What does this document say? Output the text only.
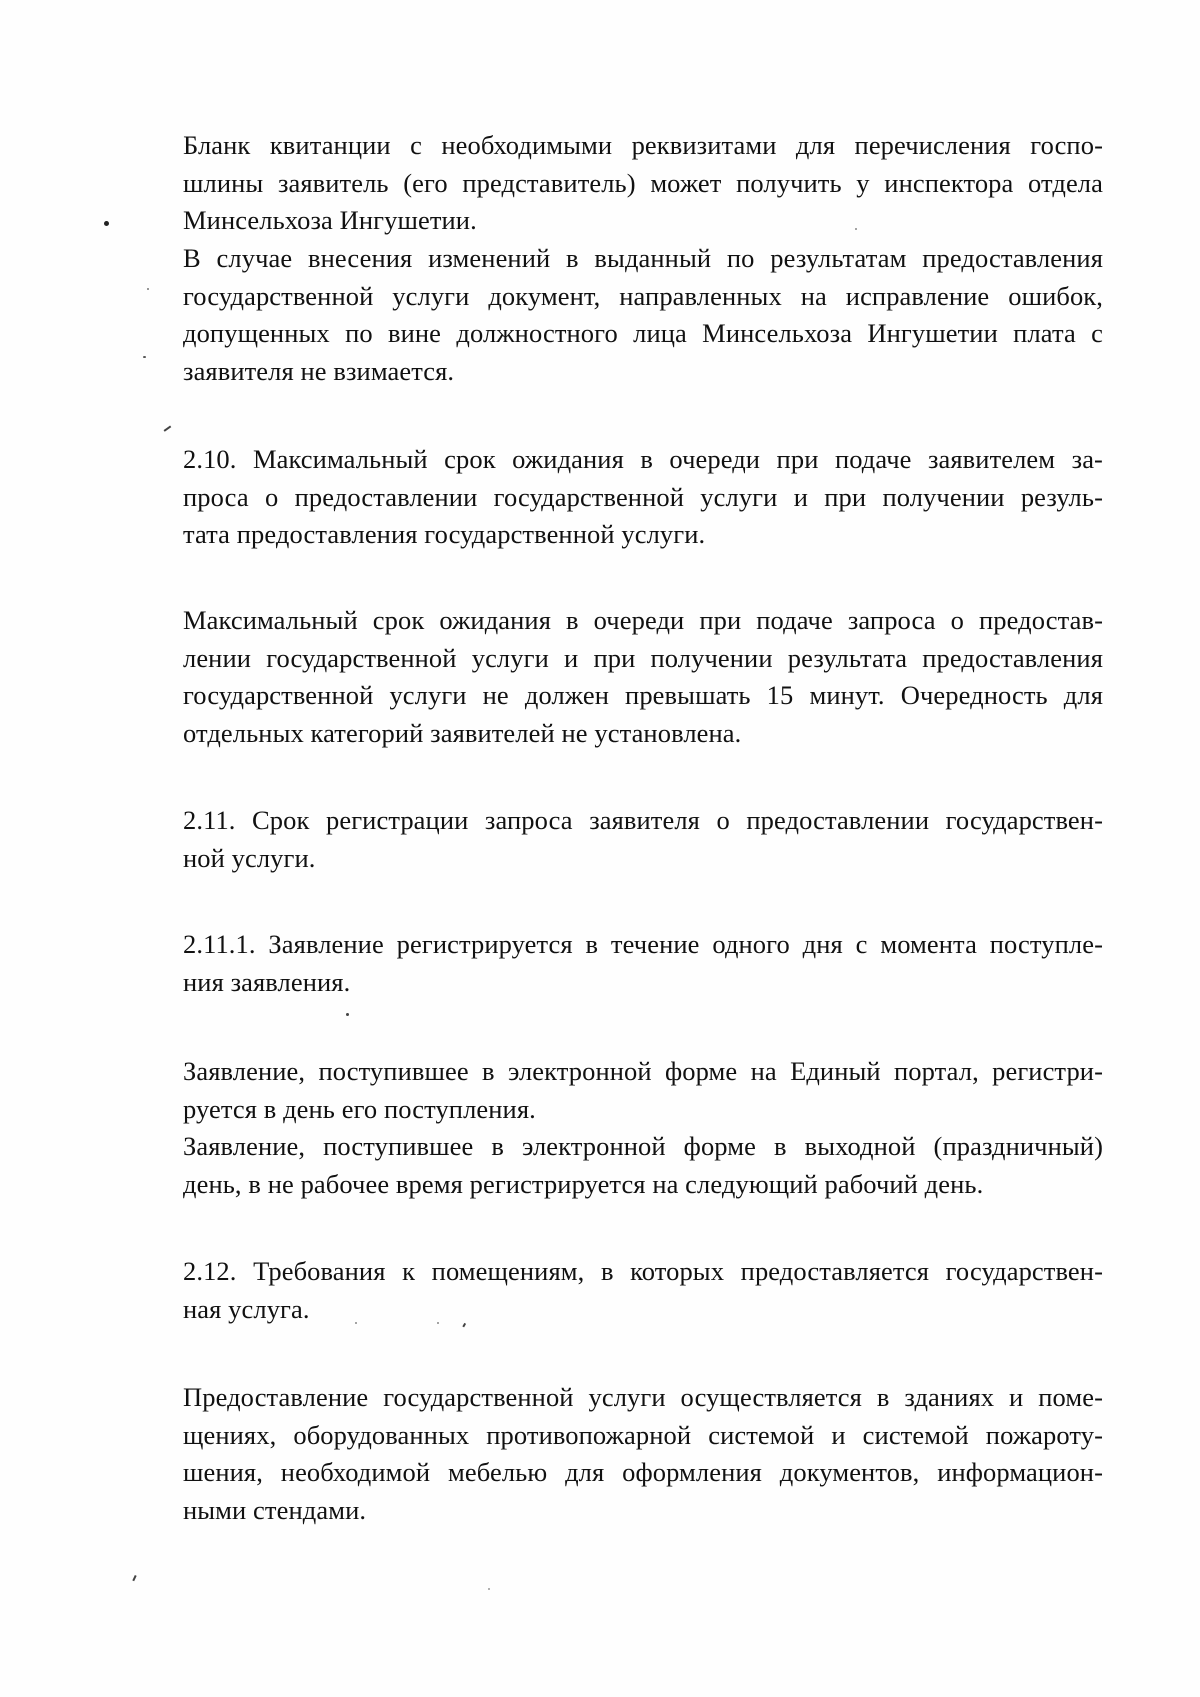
Бланк квитанции с необходимыми реквизитами для перечисления госпо-
шлины заявитель (его представитель) может получить у инспектора отдела
Минсельхоза Ингушетии.
В случае внесения изменений в выданный по результатам предоставления
государственной услуги документ, направленных на исправление ошибок,
допущенных по вине должностного лица Минсельхоза Ингушетии плата с
заявителя не взимается.
2.10. Максимальный срок ожидания в очереди при подаче заявителем за-
проса о предоставлении государственной услуги и при получении резуль-
тата предоставления государственной услуги.
Максимальный срок ожидания в очереди при подаче запроса о предостав-
лении государственной услуги и при получении результата предоставления
государственной услуги не должен превышать 15 минут. Очередность для
отдельных категорий заявителей не установлена.
2.11. Срок регистрации запроса заявителя о предоставлении государствен-
ной услуги.
2.11.1. Заявление регистрируется в течение одного дня с момента поступле-
ния заявления.
Заявление, поступившее в электронной форме на Единый портал, регистри-
руется в день его поступления.
Заявление, поступившее в электронной форме в выходной (праздничный)
день, в не рабочее время регистрируется на следующий рабочий день.
2.12. Требования к помещениям, в которых предоставляется государствен-
ная услуга.
Предоставление государственной услуги осуществляется в зданиях и поме-
щениях, оборудованных противопожарной системой и системой пожароту-
шения, необходимой мебелью для оформления документов, информацион-
ными стендами.
